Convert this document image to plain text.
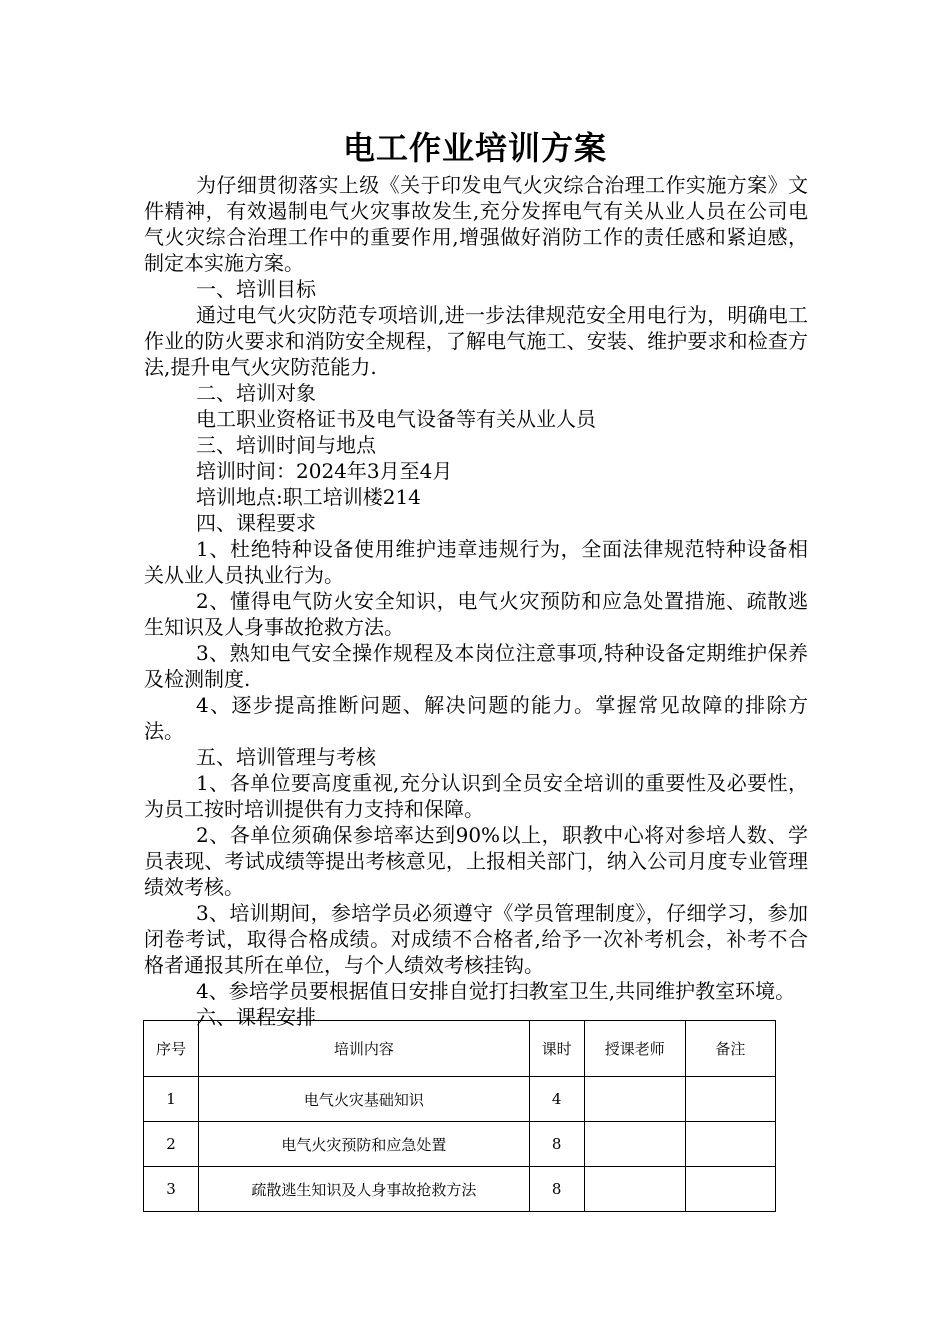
电工作业培训方案

为仔细贯彻落实上级《关于印发电气火灾综合治理工作实施方案》文件精神，有效遏制电气火灾事故发生,充分发挥电气有关从业人员在公司电气火灾综合治理工作中的重要作用,增强做好消防工作的责任感和紧迫感，制定本实施方案。

一、培训目标

通过电气火灾防范专项培训,进一步法律规范安全用电行为，明确电工作业的防火要求和消防安全规程，了解电气施工、安装、维护要求和检查方法,提升电气火灾防范能力.

二、培训对象

电工职业资格证书及电气设备等有关从业人员

三、培训时间与地点

培训时间：2024年3月至4月

培训地点:职工培训楼214

四、课程要求

1、杜绝特种设备使用维护违章违规行为，全面法律规范特种设备相关从业人员执业行为。

2、懂得电气防火安全知识，电气火灾预防和应急处置措施、疏散逃生知识及人身事故抢救方法。

3、熟知电气安全操作规程及本岗位注意事项,特种设备定期维护保养及检测制度.

4、逐步提高推断问题、解决问题的能力。掌握常见故障的排除方法。

五、培训管理与考核

1、各单位要高度重视,充分认识到全员安全培训的重要性及必要性，为员工按时培训提供有力支持和保障。

2、各单位须确保参培率达到90%以上，职教中心将对参培人数、学员表现、考试成绩等提出考核意见，上报相关部门，纳入公司月度专业管理绩效考核。

3、培训期间，参培学员必须遵守《学员管理制度》，仔细学习，参加闭卷考试，取得合格成绩。对成绩不合格者,给予一次补考机会，补考不合格者通报其所在单位，与个人绩效考核挂钩。

4、参培学员要根据值日安排自觉打扫教室卫生,共同维护教室环境。

六、课程安排

序号	培训内容	课时	授课老师	备注
1	电气火灾基础知识	4		
2	电气火灾预防和应急处置	8		
3	疏散逃生知识及人身事故抢救方法	8		
